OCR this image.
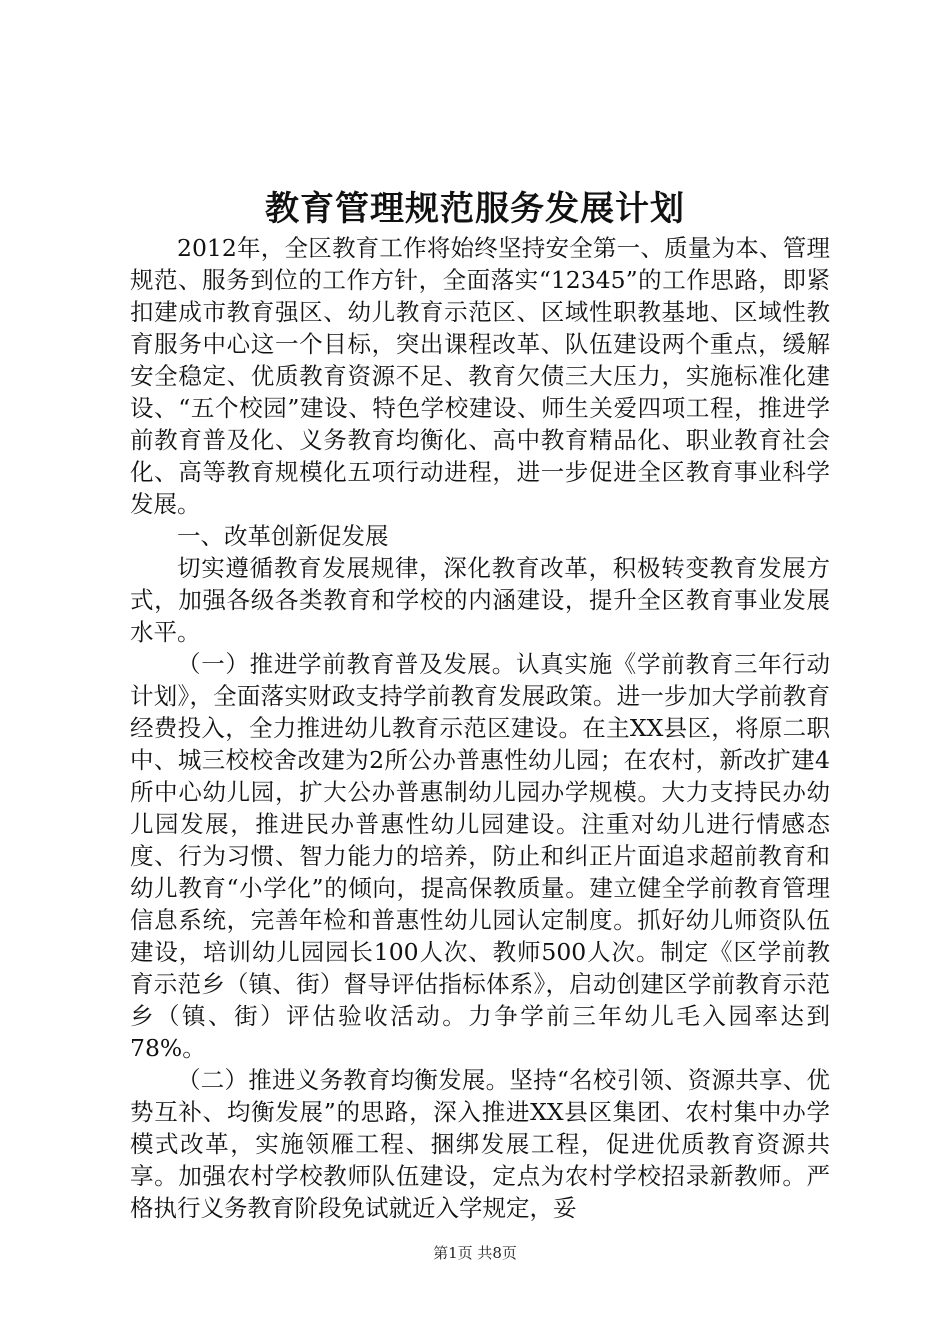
教育管理规范服务发展计划

2012年，全区教育工作将始终坚持安全第一、质量为本、管理规范、服务到位的工作方针，全面落实“12345”的工作思路，即紧扣建成市教育强区、幼儿教育示范区、区域性职教基地、区域性教育服务中心这一个目标，突出课程改革、队伍建设两个重点，缓解安全稳定、优质教育资源不足、教育欠债三大压力，实施标准化建设、“五个校园”建设、特色学校建设、师生关爱四项工程，推进学前教育普及化、义务教育均衡化、高中教育精品化、职业教育社会化、高等教育规模化五项行动进程，进一步促进全区教育事业科学发展。

一、改革创新促发展

切实遵循教育发展规律，深化教育改革，积极转变教育发展方式，加强各级各类教育和学校的内涵建设，提升全区教育事业发展水平。

（一）推进学前教育普及发展。认真实施《学前教育三年行动计划》，全面落实财政支持学前教育发展政策。进一步加大学前教育经费投入，全力推进幼儿教育示范区建设。在主XX县区，将原二职中、城三校校舍改建为2所公办普惠性幼儿园；在农村，新改扩建4所中心幼儿园，扩大公办普惠制幼儿园办学规模。大力支持民办幼儿园发展，推进民办普惠性幼儿园建设。注重对幼儿进行情感态度、行为习惯、智力能力的培养，防止和纠正片面追求超前教育和幼儿教育“小学化”的倾向，提高保教质量。建立健全学前教育管理信息系统，完善年检和普惠性幼儿园认定制度。抓好幼儿师资队伍建设，培训幼儿园园长100人次、教师500人次。制定《区学前教育示范乡（镇、街）督导评估指标体系》，启动创建区学前教育示范乡（镇、街）评估验收活动。力争学前三年幼儿毛入园率达到78%。

（二）推进义务教育均衡发展。坚持“名校引领、资源共享、优势互补、均衡发展”的思路，深入推进XX县区集团、农村集中办学模式改革，实施领雁工程、捆绑发展工程，促进优质教育资源共享。加强农村学校教师队伍建设，定点为农村学校招录新教师。严格执行义务教育阶段免试就近入学规定，妥

第1页 共8页
